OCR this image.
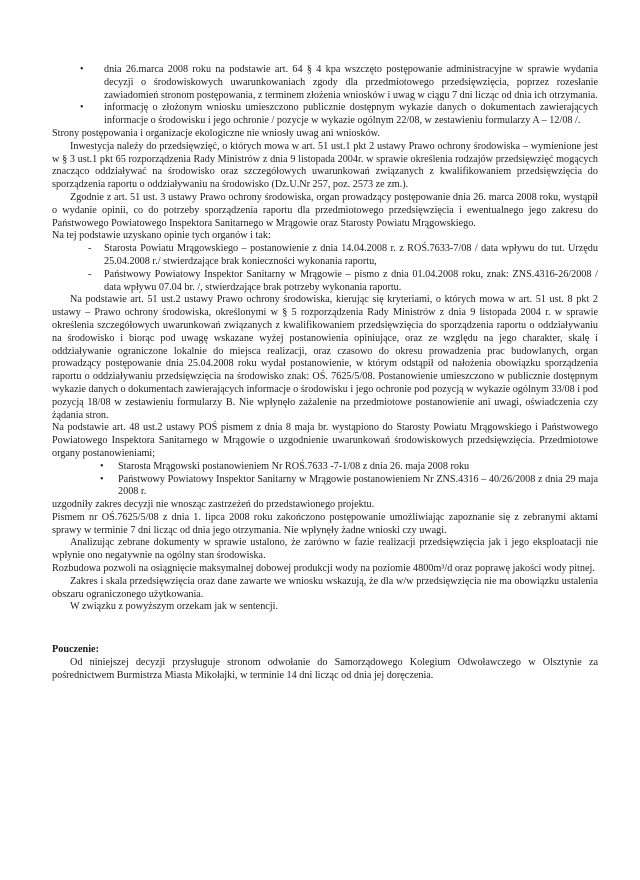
• dnia 26.marca 2008 roku na podstawie art. 64 § 4 kpa wszczęto postępowanie administracyjne w sprawie wydania decyzji o środowiskowych uwarunkowaniach zgody dla przedmiotowego przedsięwzięcia, poprzez rozesłanie zawiadomień stronom postępowania, z terminem złożenia wniosków i uwag w ciągu 7 dni licząc od dnia ich otrzymania.
• informację o złożonym wniosku umieszczono publicznie dostępnym wykazie danych o dokumentach zawierających informacje o środowisku i jego ochronie / pozycje w wykazie ogólnym 22/08, w zestawieniu formularzy A – 12/08 /.

Strony postępowania i organizacje ekologiczne nie wniosły uwag ani wniosków.

Inwestycja należy do przedsięwzięć, o których mowa w art. 51 ust.1 pkt 2 ustawy Prawo ochrony środowiska – wymienione jest w § 3 ust.1 pkt 65 rozporządzenia Rady Ministrów z dnia 9 listopada 2004r. w sprawie określenia rodzajów przedsięwzięć mogących znacząco oddziaływać na środowisko oraz szczegółowych uwarunkowań związanych z kwalifikowaniem przedsięwzięcia do sporządzenia raportu o oddziaływaniu na środowisko (Dz.U.Nr 257, poz. 2573 ze zm.).

Zgodnie z art. 51 ust. 3 ustawy Prawo ochrony środowiska, organ prowadzący postępowanie dnia 26. marca 2008 roku, wystąpił o wydanie opinii, co do potrzeby sporządzenia raportu dla przedmiotowego przedsięwzięcia i ewentualnego jego zakresu do Państwowego Powiatowego Inspektora Sanitarnego w Mrągowie oraz Starosty Powiatu Mrągowskiego.

Na tej podstawie uzyskano opinie tych organów i tak:

- Starosta Powiatu Mrągowskiego – postanowienie z dnia 14.04.2008 r. z ROŚ.7633-7/08 / data wpływu do tut. Urzędu 25.04.2008 r./ stwierdzające brak konieczności wykonania raportu,
- Państwowy Powiatowy Inspektor Sanitarny w Mrągowie – pismo z dnia 01.04.2008 roku, znak: ZNS.4316-26/2008 / data wpływu 07.04 br. /, stwierdzające brak potrzeby wykonania raportu.

Na podstawie art. 51 ust.2 ustawy Prawo ochrony środowiska, kierując się kryteriami, o których mowa w art. 51 ust. 8 pkt 2 ustawy – Prawo ochrony środowiska, określonymi w § 5 rozporządzenia Rady Ministrów z dnia 9 listopada 2004 r. w sprawie określenia szczegółowych uwarunkowań związanych z kwalifikowaniem przedsięwzięcia do sporządzenia raportu o oddziaływaniu na środowisko i biorąc pod uwagę wskazane wyżej postanowienia opiniujące, oraz ze względu na jego charakter, skalę i oddziaływanie ograniczone lokalnie do miejsca realizacji, oraz czasowo do okresu prowadzenia prac budowlanych, organ prowadzący postępowanie dnia 25.04.2008 roku wydał postanowienie, w którym odstąpił od nałożenia obowiązku sporządzenia raportu o oddziaływaniu przedsięwzięcia na środowisko znak: OŚ. 7625/5/08. Postanowienie umieszczono w publicznie dostępnym wykazie danych o dokumentach zawierających informacje o środowisku i jego ochronie pod pozycją w wykazie ogólnym 33/08 i pod pozycją 18/08 w zestawieniu formularzy B. Nie wpłynęło zażalenie na przedmiotowe postanowienie ani uwagi, oświadczenia czy żądania stron.

Na podstawie art. 48 ust.2 ustawy POŚ pismem z dnia 8 maja br. wystąpiono do Starosty Powiatu Mrągowskiego i Państwowego Powiatowego Inspektora Sanitarnego w Mrągowie o uzgodnienie uwarunkowań środowiskowych przedsięwzięcia. Przedmiotowe organy postanowieniami;

• Starosta Mrągowski postanowieniem Nr ROŚ.7633 -7-1/08 z dnia 26. maja 2008 roku
• Państwowy Powiatowy Inspektor Sanitarny w Mrągowie postanowieniem Nr ZNS.4316 – 40/26/2008 z dnia 29 maja 2008 r.

uzgodniły zakres decyzji nie wnosząc zastrzeżeń do przedstawionego projektu.

Pismem nr OŚ.7625/5/08 z dnia 1. lipca 2008 roku zakończono postępowanie umożliwiając zapoznanie się z zebranymi aktami sprawy w terminie 7 dni licząc od dnia jego otrzymania. Nie wpłynęły żadne wnioski czy uwagi.

Analizując zebrane dokumenty w sprawie ustalono, że zarówno w fazie realizacji przedsięwzięcia jak i jego eksploatacji nie wpłynie ono negatywnie na ogólny stan środowiska.

Rozbudowa pozwoli na osiągnięcie maksymalnej dobowej produkcji wody na poziomie 4800m³/d oraz poprawę jakości wody pitnej.

Zakres i skala przedsięwzięcia oraz dane zawarte we wniosku wskazują, że dla w/w przedsięwzięcia nie ma obowiązku ustalenia obszaru ograniczonego użytkowania.

W związku z powyższym orzekam jak w sentencji.

Pouczenie:

Od niniejszej decyzji przysługuje stronom odwołanie do Samorządowego Kolegium Odwoławczego w Olsztynie za pośrednictwem Burmistrza Miasta Mikołajki, w terminie 14 dni licząc od dnia jej doręczenia.
